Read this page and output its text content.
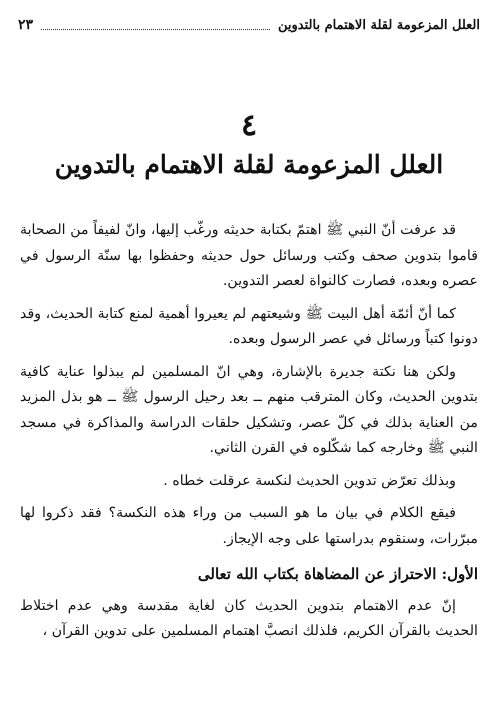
العلل المزعومة لقلة الاهتمام بالتدوين
٢٣
٤
العلل المزعومة لقلة الاهتمام بالتدوين

قد عرفت أنّ النبي ﷺ اهتمّ بكتابة حديثه ورغّب إليها، وانّ لفيفاً من الصحابة قاموا بتدوين صحف وكتب ورسائل حول حديثه وحفظوا بها سنّة الرسول في عصره وبعده، فصارت كالنواة لعصر التدوين.

كما أنّ أئمّة أهل البيت ﷺ وشيعتهم لم يعيروا أهمية لمنع كتابة الحديث، وقد دونوا كتباً ورسائل في عصر الرسول وبعده.

ولكن هنا نكتة جديرة بالإشارة، وهي انّ المسلمين لم يبذلوا عناية كافية بتدوين الحديث، وكان المترقب منهم ــ بعد رحيل الرسول ﷺ ــ هو بذل المزيد من العناية بذلك في كلّ عصر، وتشكيل حلقات الدراسة والمذاكرة في مسجد النبي ﷺ وخارجه كما شكّلوه في القرن الثاني.

وبذلك تعرّض تدوين الحديث لنكسة عرقلت خطاه .

فيقع الكلام في بيان ما هو السبب من وراء هذه النكسة؟ فقد ذكروا لها مبرّرات، وسنقوم بدراستها على وجه الإيجاز.

الأول: الاحتراز عن المضاهاة بكتاب الله تعالى

إنّ عدم الاهتمام بتدوين الحديث كان لغاية مقدسة وهي عدم اختلاط الحديث بالقرآن الكريم، فلذلك انصبَّ اهتمام المسلمين على تدوين القرآن ،
